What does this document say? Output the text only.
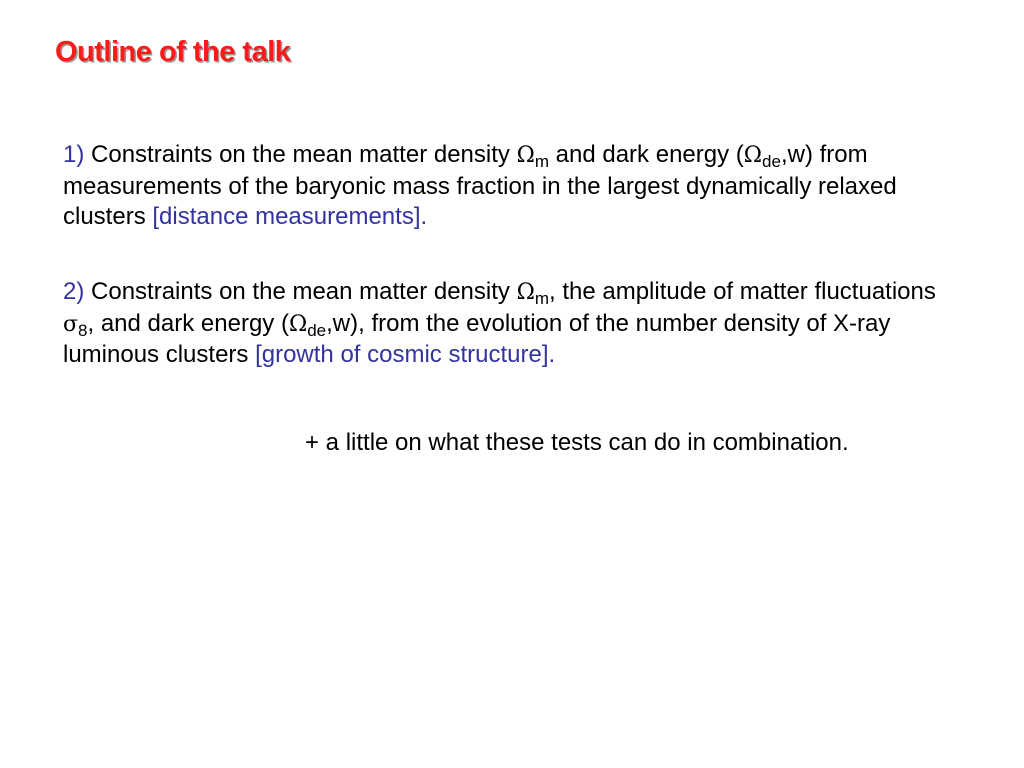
Outline of the talk

1) Constraints on the mean matter density $\Omega_m$ and dark energy $(\Omega_{de},w)$ from measurements of the baryonic mass fraction in the largest dynamically relaxed clusters [distance measurements].

2) Constraints on the mean matter density $\Omega_m$, the amplitude of matter fluctuations $\sigma_8$, and dark energy $(\Omega_{de},w)$, from the evolution of the number density of X-ray luminous clusters [growth of cosmic structure].

+ a little on what these tests can do in combination.
